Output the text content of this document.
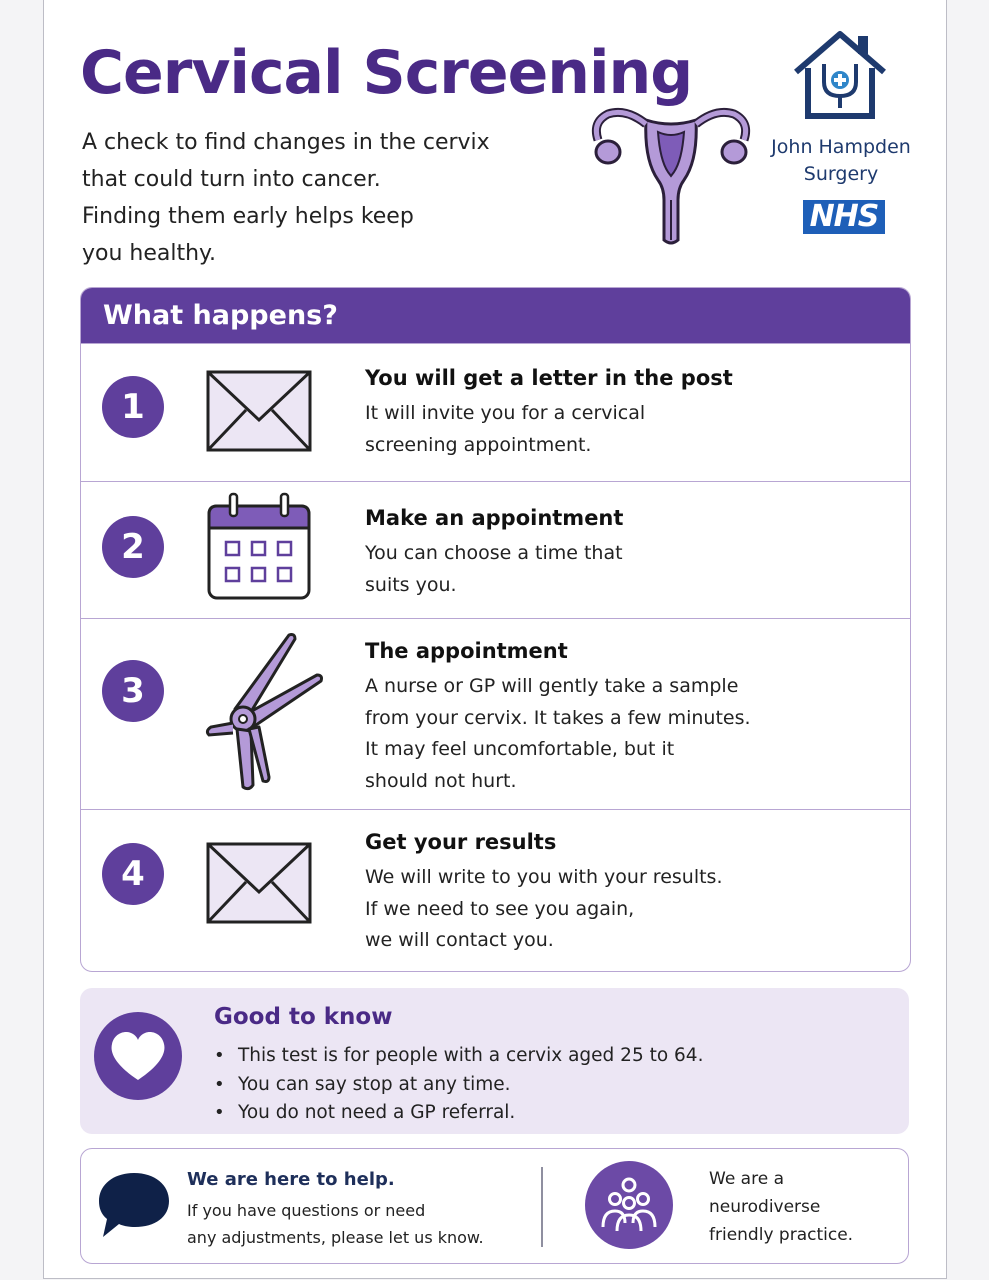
Cervical Screening
A check to find changes in the cervix
that could turn into cancer.
Finding them early helps keep
you healthy.
John Hampden
Surgery
NHS
What happens?
1
You will get a letter in the post
It will invite you for a cervical
screening appointment.
2
Make an appointment
You can choose a time that
suits you.
3
The appointment
A nurse or GP will gently take a sample
from your cervix. It takes a few minutes.
It may feel uncomfortable, but it
should not hurt.
4
Get your results
We will write to you with your results.
If we need to see you again,
we will contact you.
Good to know
• This test is for people with a cervix aged 25 to 64.
• You can say stop at any time.
• You do not need a GP referral.
We are here to help.
If you have questions or need
any adjustments, please let us know.
We are a
neurodiverse
friendly practice.
